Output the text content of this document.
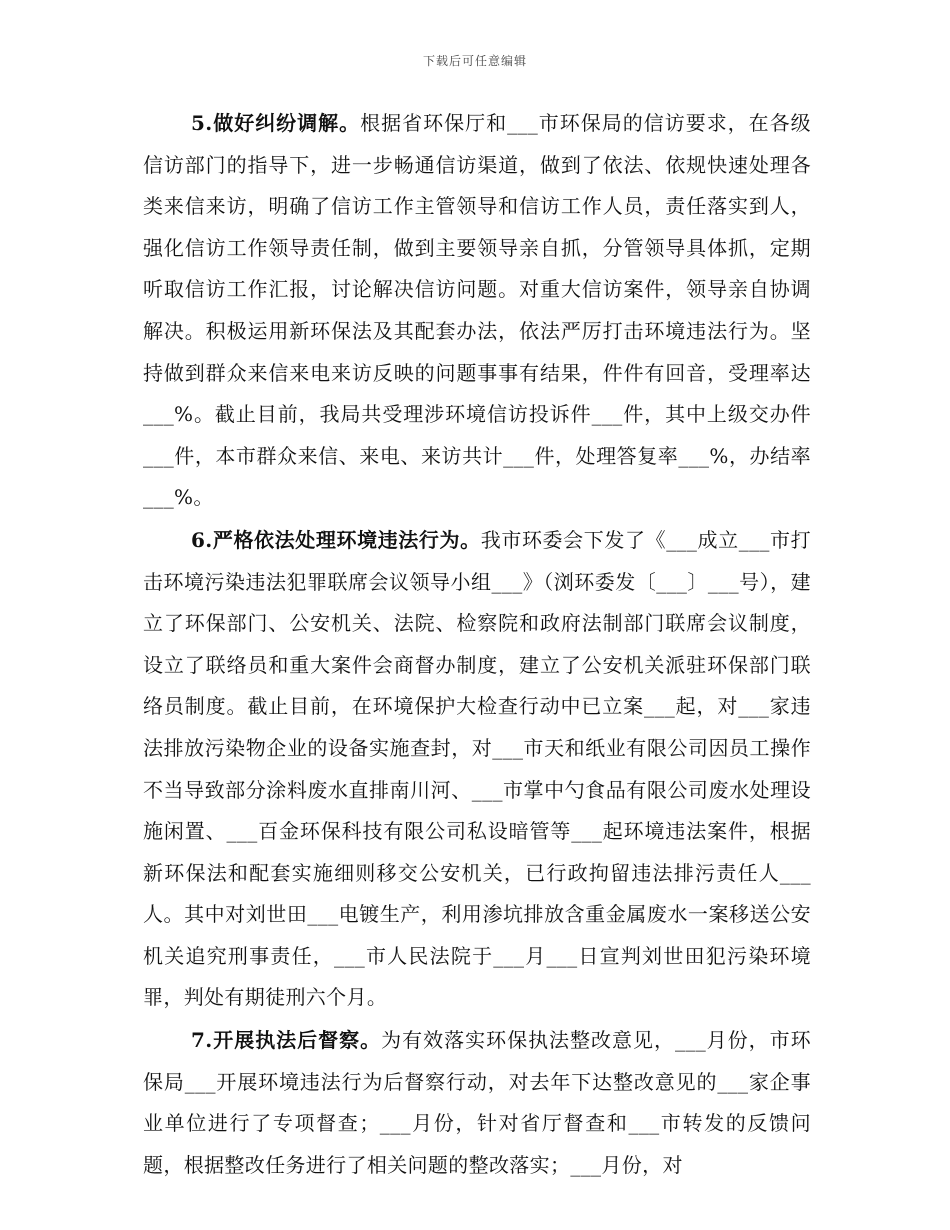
下载后可任意编辑

5.做好纠纷调解。根据省环保厅和___市环保局的信访要求，在各级信访部门的指导下，进一步畅通信访渠道，做到了依法、依规快速处理各类来信来访，明确了信访工作主管领导和信访工作人员，责任落实到人，强化信访工作领导责任制，做到主要领导亲自抓，分管领导具体抓，定期听取信访工作汇报，讨论解决信访问题。对重大信访案件，领导亲自协调解决。积极运用新环保法及其配套办法，依法严厉打击环境违法行为。坚持做到群众来信来电来访反映的问题事事有结果，件件有回音，受理率达___%。截止目前，我局共受理涉环境信访投诉件___件，其中上级交办件___件，本市群众来信、来电、来访共计___件，处理答复率___%，办结率___%。

6.严格依法处理环境违法行为。我市环委会下发了《___成立___市打击环境污染违法犯罪联席会议领导小组___》（浏环委发〔___〕___号），建立了环保部门、公安机关、法院、检察院和政府法制部门联席会议制度，设立了联络员和重大案件会商督办制度，建立了公安机关派驻环保部门联络员制度。截止目前，在环境保护大检查行动中已立案___起，对___家违法排放污染物企业的设备实施查封，对___市天和纸业有限公司因员工操作不当导致部分涂料废水直排南川河、___市掌中勺食品有限公司废水处理设施闲置、___百金环保科技有限公司私设暗管等___起环境违法案件，根据新环保法和配套实施细则移交公安机关，已行政拘留违法排污责任人___人。其中对刘世田___电镀生产，利用渗坑排放含重金属废水一案移送公安机关追究刑事责任，___市人民法院于___月___日宣判刘世田犯污染环境罪，判处有期徒刑六个月。

7.开展执法后督察。为有效落实环保执法整改意见，___月份，市环保局___开展环境违法行为后督察行动，对去年下达整改意见的___家企事业单位进行了专项督查；___月份，针对省厅督查和___市转发的反馈问题，根据整改任务进行了相关问题的整改落实；___月份，对
